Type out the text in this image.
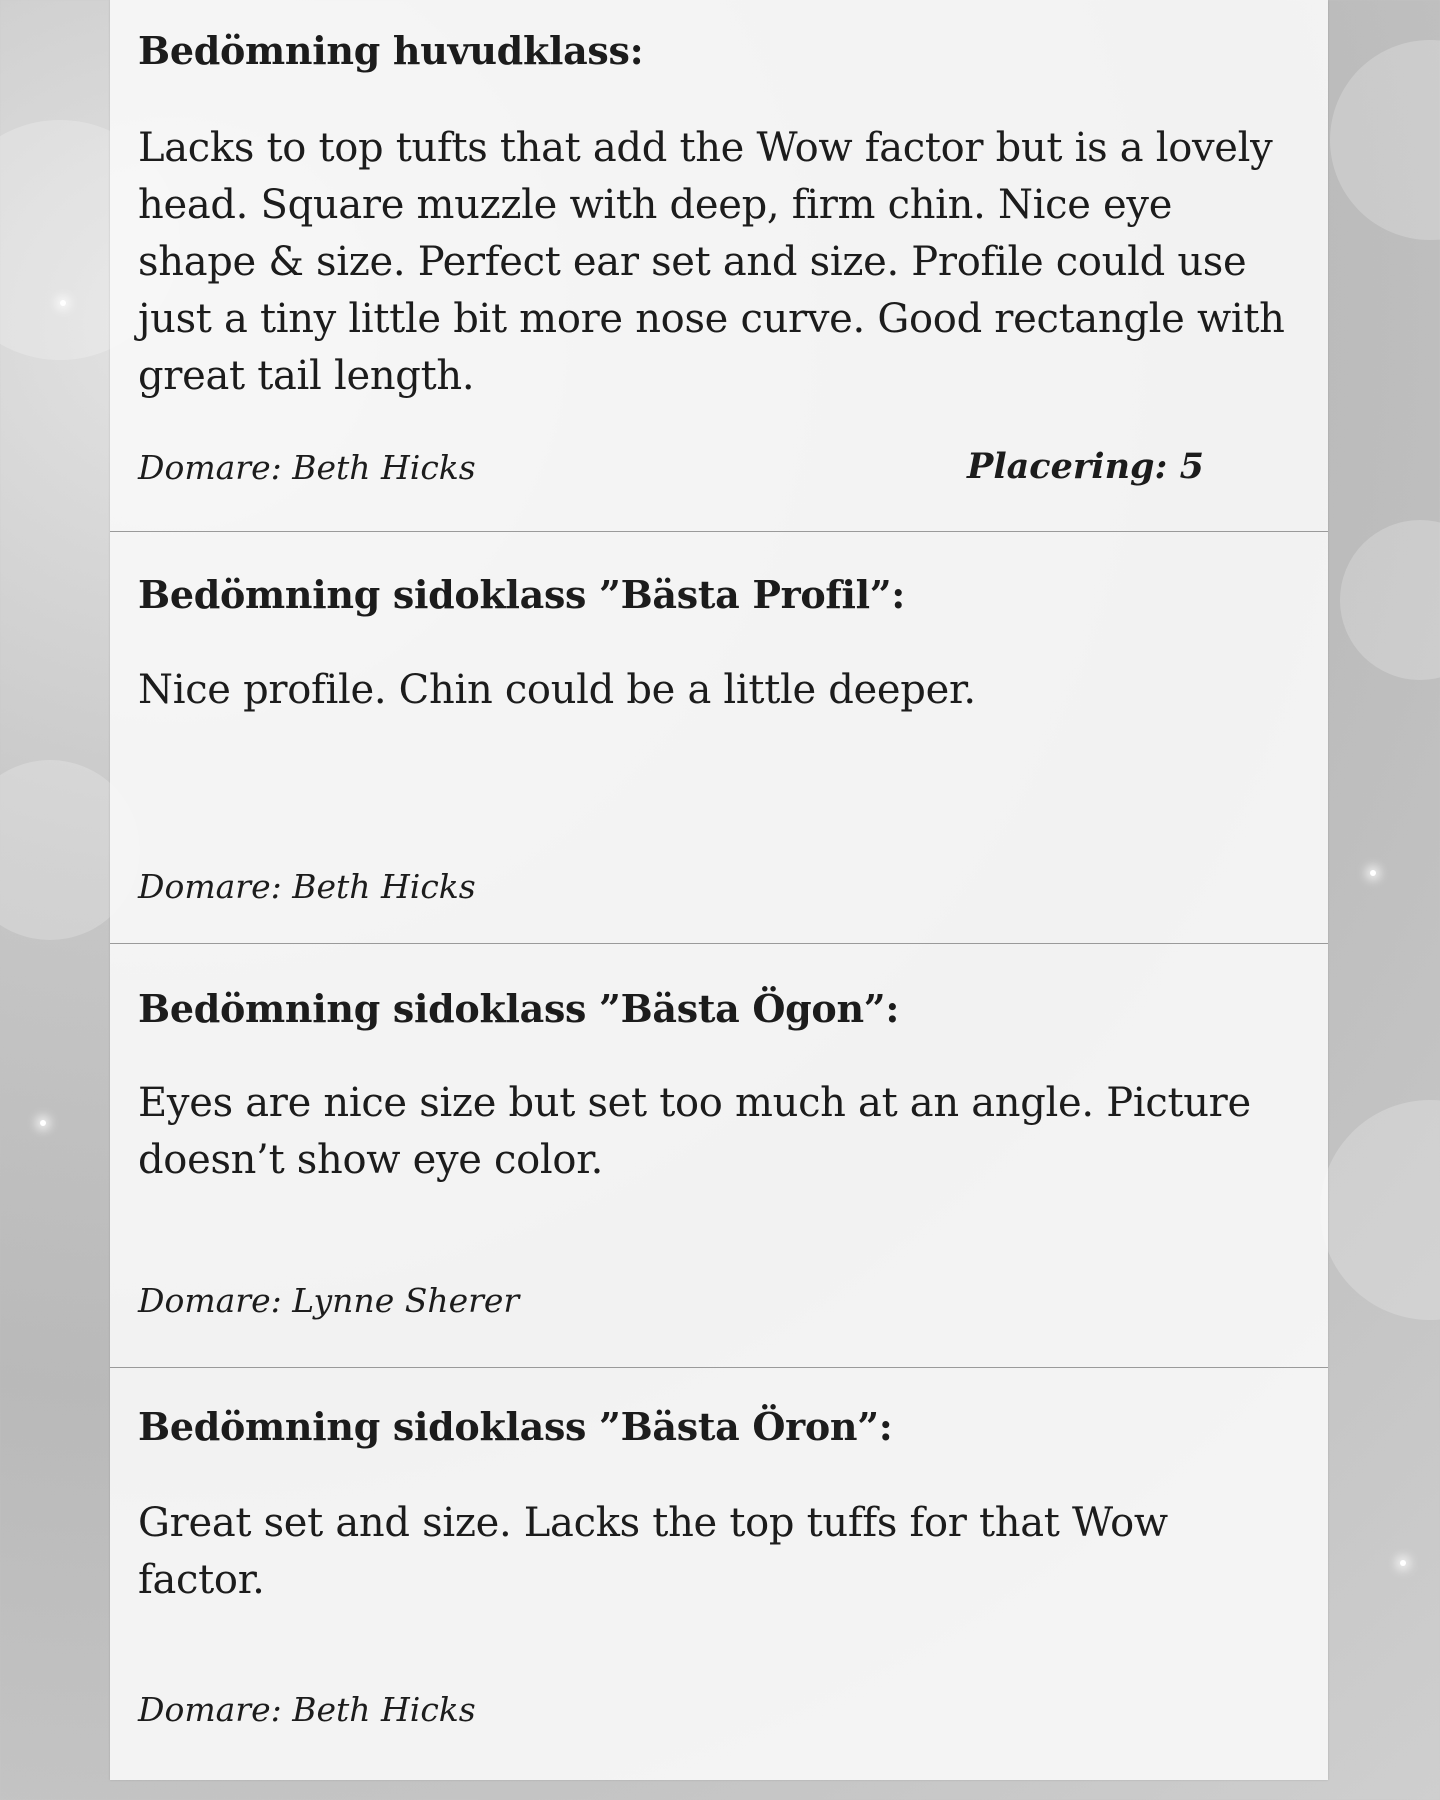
Bedömning huvudklass:
Lacks to top tufts that add the Wow factor but is a lovely head. Square muzzle with deep, firm chin. Nice eye shape & size. Perfect ear set and size. Profile could use just a tiny little bit more nose curve. Good rectangle with great tail length.
Domare: Beth Hicks	Placering: 5
Bedömning sidoklass ”Bästa Profil”:
Nice profile. Chin could be a little deeper.
Domare: Beth Hicks
Bedömning sidoklass ”Bästa Ögon”:
Eyes are nice size but set too much at an angle. Picture doesn’t show eye color.
Domare: Lynne Sherer
Bedömning sidoklass ”Bästa Öron”:
Great set and size. Lacks the top tuffs for that Wow factor.
Domare: Beth Hicks
